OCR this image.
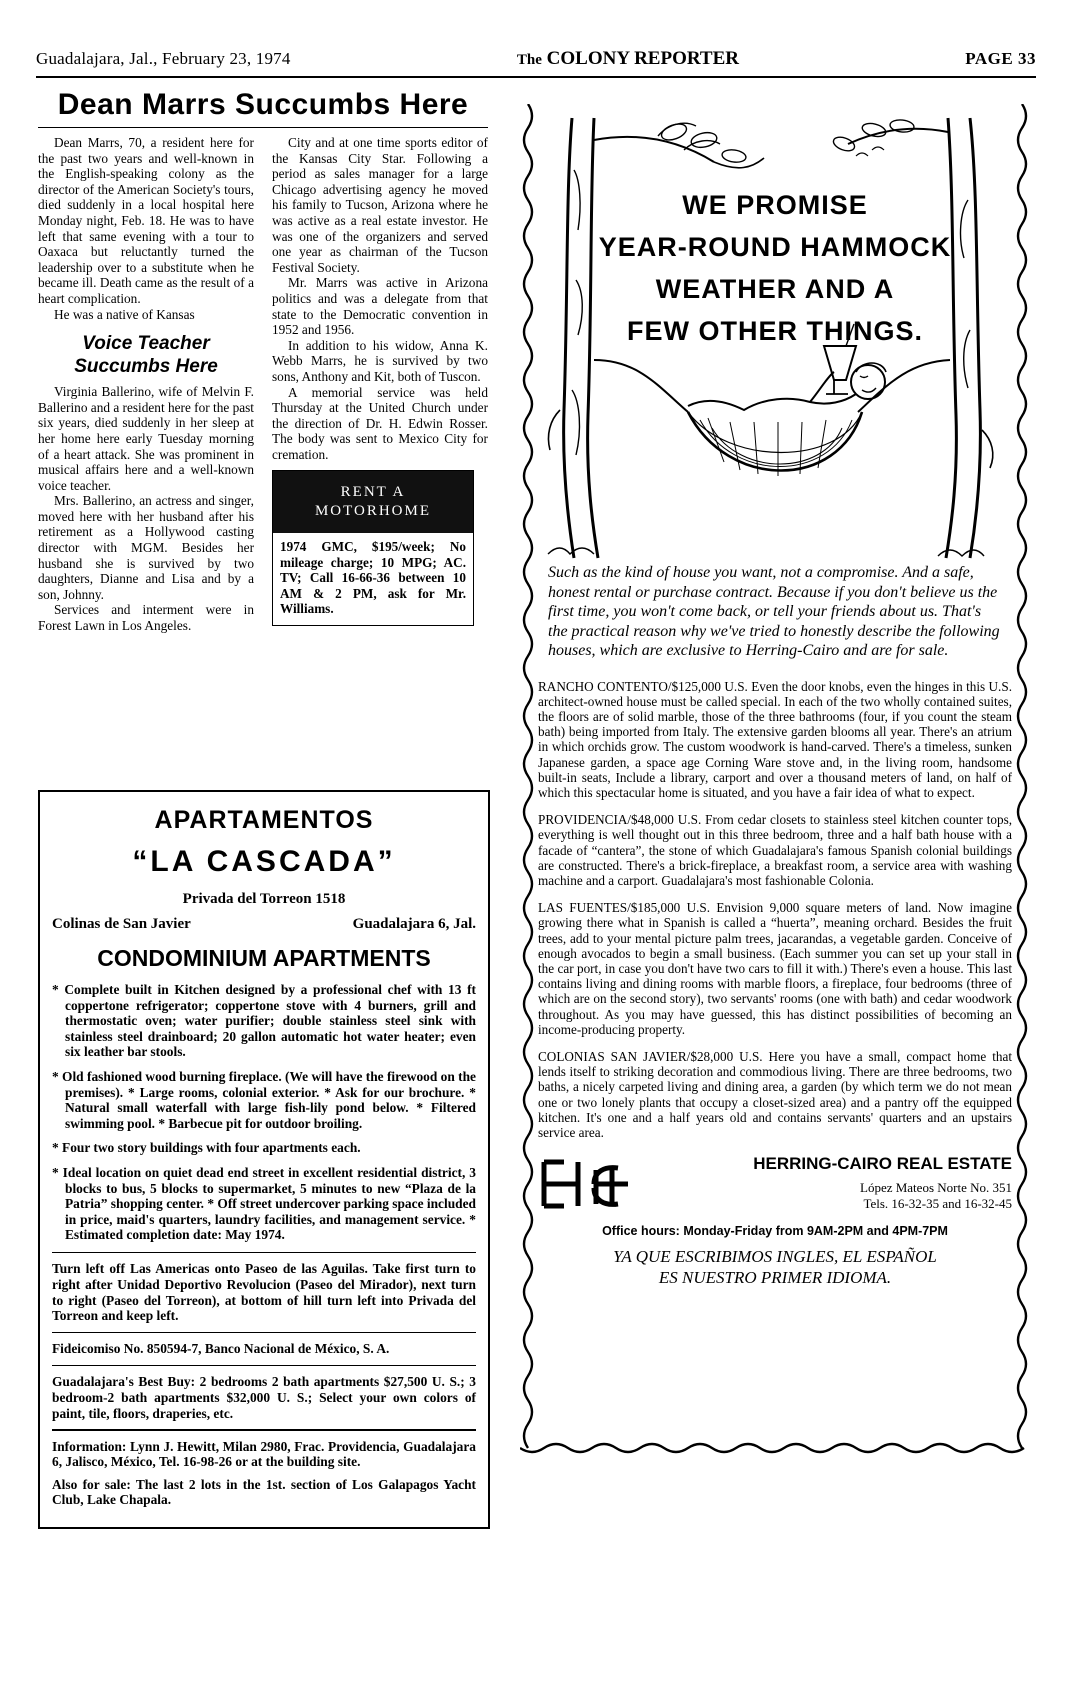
Guadalajara, Jal., February 23, 1974	The COLONY REPORTER	PAGE 33
Dean Marrs Succumbs Here

Dean Marrs, 70, a resident here for the past two years and well-known in the English-speaking colony as the director of the American Society's tours, died suddenly in a local hospital here Monday night, Feb. 18. He was to have left that same evening with a tour to Oaxaca but reluctantly turned the leadership over to a substitute when he became ill. Death came as the result of a heart complication.

He was a native of Kansas

Voice Teacher
Succumbs Here

Virginia Ballerino, wife of Melvin F. Ballerino and a resident here for the past six years, died suddenly in her sleep at her home here early Tuesday morning of a heart attack. She was prominent in musical affairs here and a well-known voice teacher.

Mrs. Ballerino, an actress and singer, moved here with her husband after his retirement as a Hollywood casting director with MGM. Besides her husband she is survived by two daughters, Dianne and Lisa and by a son, Johnny.

Services and interment were in Forest Lawn in Los Angeles.

City and at one time sports editor of the Kansas City Star. Following a period as sales manager for a large Chicago advertising agency he moved his family to Tucson, Arizona where he was active as a real estate investor. He was one of the organizers and served one year as chairman of the Tucson Festival Society.

Mr. Marrs was active in Arizona politics and was a delegate from that state to the Democratic convention in 1952 and 1956.

In addition to his widow, Anna K. Webb Marrs, he is survived by two sons, Anthony and Kit, both of Tuscon.

A memorial service was held Thursday at the United Church under the direction of Dr. H. Edwin Rosser. The body was sent to Mexico City for cremation.

RENT A
MOTORHOME
1974 GMC, $195/week; No mileage charge; 10 MPG; AC. TV; Call 16-66-36 between 10 AM & 2 PM, ask for Mr. Williams.
APARTAMENTOS
“LA CASCADA”
Privada del Torreon 1518
Colinas de San Javier	Guadalajara 6, Jal.
CONDOMINIUM APARTMENTS
* Complete built in Kitchen designed by a professional chef with 13 ft coppertone refrigerator; coppertone stove with 4 burners, grill and thermostatic oven; water purifier; double stainless steel sink with stainless steel drainboard; 20 gallon automatic hot water heater; even six leather bar stools.
* Old fashioned wood burning fireplace. (We will have the firewood on the premises). * Large rooms, colonial exterior. * Ask for our brochure. * Natural small waterfall with large fish-lily pond below. * Filtered swimming pool. * Barbecue pit for outdoor broiling.
* Four two story buildings with four apartments each.
* Ideal location on quiet dead end street in excellent residential district, 3 blocks to bus, 5 blocks to supermarket, 5 minutes to new “Plaza de la Patria” shopping center. * Off street undercover parking space included in price, maid's quarters, laundry facilities, and management service. * Estimated completion date: May 1974.
Turn left off Las Americas onto Paseo de las Aguilas. Take first turn to right after Unidad Deportivo Revolucion (Paseo del Mirador), next turn to right (Paseo del Torreon), at bottom of hill turn left into Privada del Torreon and keep left.
Fideicomiso No. 850594-7, Banco Nacional de México, S. A.
Guadalajara's Best Buy: 2 bedrooms 2 bath apartments $27,500 U. S.; 3 bedroom-2 bath apartments $32,000 U. S.; Select your own colors of paint, tile, floors, draperies, etc.
Information: Lynn J. Hewitt, Milan 2980, Frac. Providencia, Guadalajara 6, Jalisco, México, Tel. 16-98-26 or at the building site.
Also for sale: The last 2 lots in the 1st. section of Los Galapagos Yacht Club, Lake Chapala.
WE PROMISE
YEAR-ROUND HAMMOCK
WEATHER AND A
FEW OTHER THINGS.
Such as the kind of house you want, not a compromise. And a safe, honest rental or purchase contract. Because if you don't believe us the first time, you won't come back, or tell your friends about us. That's the practical reason why we've tried to honestly describe the following houses, which are exclusive to Herring-Cairo and are for sale.
RANCHO CONTENTO/$125,000 U.S. Even the door knobs, even the hinges in this U.S. architect-owned house must be called special. In each of the two wholly contained suites, the floors are of solid marble, those of the three bathrooms (four, if you count the steam bath) being imported from Italy. The extensive garden blooms all year. There's an atrium in which orchids grow. The custom woodwork is hand-carved. There's a timeless, sunken Japanese garden, a space age Corning Ware stove and, in the living room, handsome built-in seats, Include a library, carport and over a thousand meters of land, on half of which this spectacular home is situated, and you have a fair idea of what to expect.
PROVIDENCIA/$48,000 U.S. From cedar closets to stainless steel kitchen counter tops, everything is well thought out in this three bedroom, three and a half bath house with a facade of “cantera”, the stone of which Guadalajara's famous Spanish colonial buildings are constructed. There's a brick-fireplace, a breakfast room, a service area with washing machine and a carport. Guadalajara's most fashionable Colonia.
LAS FUENTES/$185,000 U.S. Envision 9,000 square meters of land. Now imagine growing there what in Spanish is called a “huerta”, meaning orchard. Besides the fruit trees, add to your mental picture palm trees, jacarandas, a vegetable garden. Conceive of enough avocados to begin a small business. (Each summer you can set up your stall in the car port, in case you don't have two cars to fill it with.) There's even a house. This last contains living and dining rooms with marble floors, a fireplace, four bedrooms (three of which are on the second story), two servants' rooms (one with bath) and cedar woodwork throughout. As you may have guessed, this has distinct possibilities of becoming an income-producing property.
COLONIAS SAN JAVIER/$28,000 U.S. Here you have a small, compact home that lends itself to striking decoration and commodious living. There are three bedrooms, two baths, a nicely carpeted living and dining area, a garden (by which term we do not mean one or two lonely plants that occupy a closet-sized area) and a pantry off the equipped kitchen. It's one and a half years old and contains servants' quarters and an upstairs service area.
HERRING-CAIRO REAL ESTATE
López Mateos Norte No. 351
Tels. 16-32-35 and 16-32-45
Office hours: Monday-Friday from 9AM-2PM and 4PM-7PM
YA QUE ESCRIBIMOS INGLES, EL ESPAÑOL
ES NUESTRO PRIMER IDIOMA.
